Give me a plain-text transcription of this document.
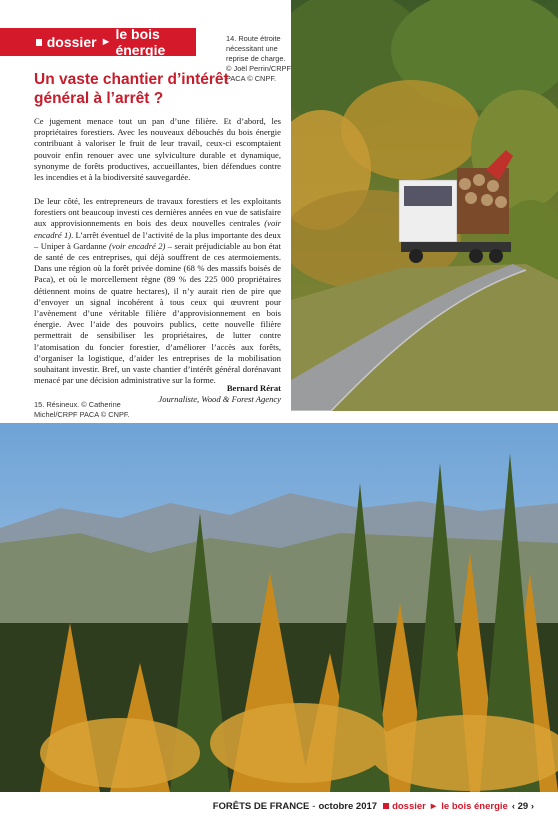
dossier ► le bois énergie
14. Route étroite nécessitant une reprise de charge. © Joël Perrin/CRPF PACA © CNPF.
Un vaste chantier d’intérêt général à l’arrêt ?

Ce jugement menace tout un pan d’une filière. Et d’abord, les propriétaires forestiers. Avec les nouveaux débouchés du bois énergie contribuant à valoriser le fruit de leur travail, ceux-ci escomptaient pouvoir enfin renouer avec une sylviculture durable et dynamique, synonyme de forêts productives, accueillantes, bien défendues contre les incendies et à la biodiversité sauvegardée.

De leur côté, les entrepreneurs de travaux forestiers et les exploitants forestiers ont beaucoup investi ces dernières années en vue de satisfaire aux approvisionnements en bois des deux nouvelles centrales (voir encadré 1). L’arrêt éventuel de l’activité de la plus importante des deux – Uniper à Gardanne (voir encadré 2) – serait préjudiciable au bon état de santé de ces entreprises, qui déjà souffrent de ces atermoiements. Dans une région où la forêt privée domine (68 % des massifs boisés de Paca), et où le morcellement règne (89 % des 225 000 propriétaires détiennent moins de quatre hectares), il n’y aurait rien de pire que d’envoyer un signal incohérent à tous ceux qui œuvrent pour l’avènement d’une véritable filière d’approvisionnement en bois énergie. Avec l’aide des pouvoirs publics, cette nouvelle filière permettrait de sensibiliser les propriétaires, de lutter contre l’atomisation du foncier forestier, d’améliorer l’accès aux forêts, d’organiser la logistique, d’aider les entreprises de la mobilisation souhaitant investir. Bref, un vaste chantier d’intérêt général dorénavant menacé par une décision administrative sur la forme.

Bernard Rérat
Journaliste, Wood & Forest Agency
15. Résineux. © Catherine Michel/CRPF PACA © CNPF.
FORÊTS DE FRANCE - octobre 2017 dossier ► le bois énergie ‹ 29 ›
